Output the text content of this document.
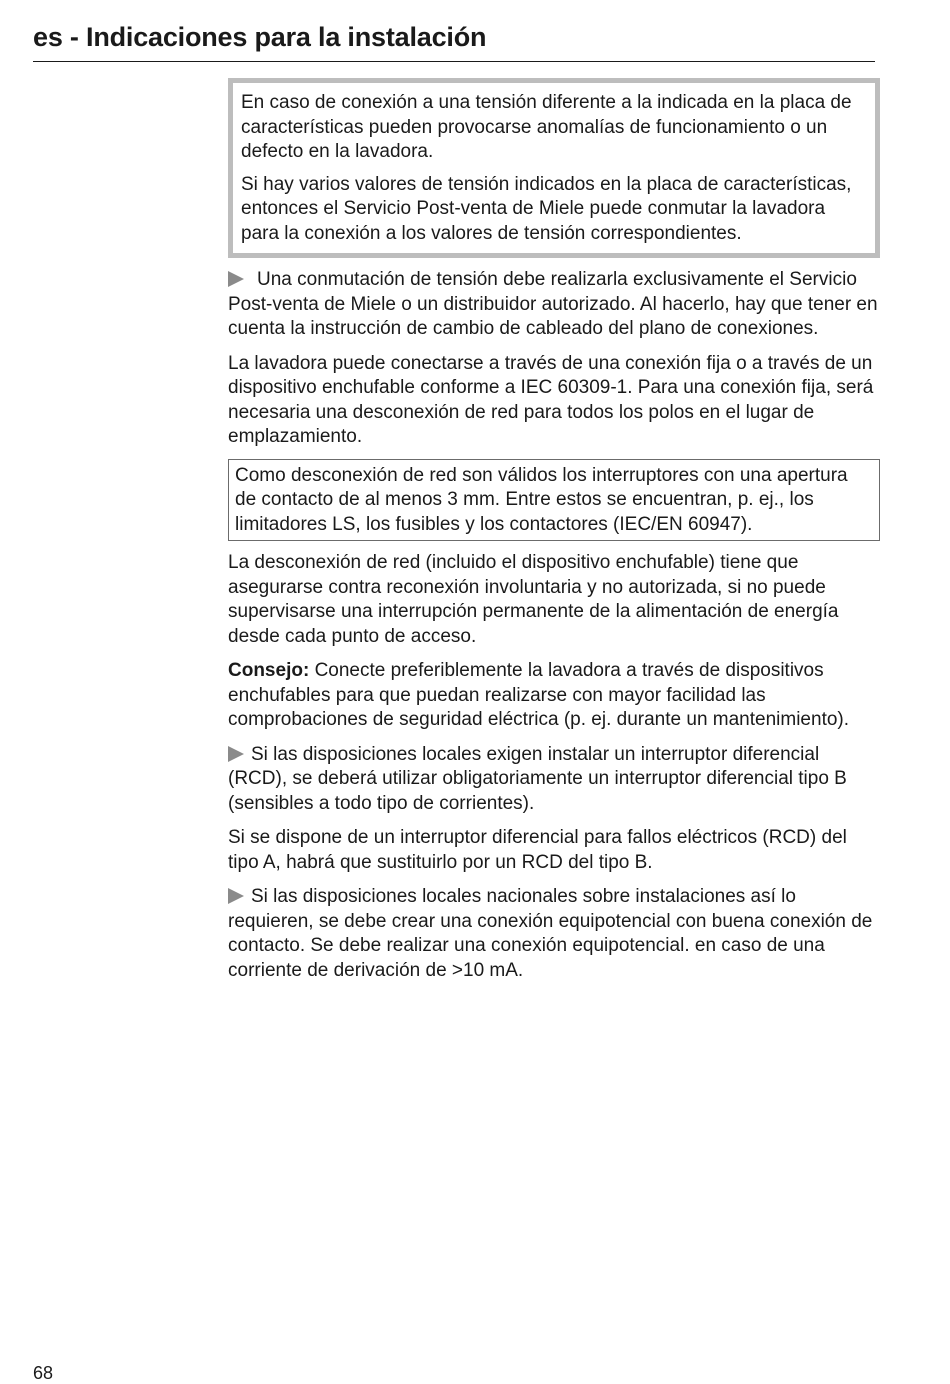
es - Indicaciones para la instalación

En caso de conexión a una tensión diferente a la indicada en la placa de características pueden provocarse anomalías de funcionamiento o un defecto en la lavadora.

Si hay varios valores de tensión indicados en la placa de características, entonces el Servicio Post-venta de Miele puede conmutar la lavadora para la conexión a los valores de tensión correspondientes.

Una conmutación de tensión debe realizarla exclusivamente el Servicio Post-venta de Miele o un distribuidor autorizado. Al hacerlo, hay que tener en cuenta la instrucción de cambio de cableado del plano de conexiones.

La lavadora puede conectarse a través de una conexión fija o a través de un dispositivo enchufable conforme a IEC 60309-1. Para una conexión fija, será necesaria una desconexión de red para todos los polos en el lugar de emplazamiento.

Como desconexión de red son válidos los interruptores con una apertura de contacto de al menos 3 mm. Entre estos se encuentran, p. ej., los limitadores LS, los fusibles y los contactores (IEC/EN 60947).

La desconexión de red (incluido el dispositivo enchufable) tiene que asegurarse contra reconexión involuntaria y no autorizada, si no puede supervisarse una interrupción permanente de la alimentación de energía desde cada punto de acceso.

Consejo: Conecte preferiblemente la lavadora a través de dispositivos enchufables para que puedan realizarse con mayor facilidad las comprobaciones de seguridad eléctrica (p. ej. durante un mantenimiento).

Si las disposiciones locales exigen instalar un interruptor diferencial (RCD), se deberá utilizar obligatoriamente un interruptor diferencial tipo B (sensibles a todo tipo de corrientes).

Si se dispone de un interruptor diferencial para fallos eléctricos (RCD) del tipo A, habrá que sustituirlo por un RCD del tipo B.

Si las disposiciones locales nacionales sobre instalaciones así lo requieren, se debe crear una conexión equipotencial con buena conexión de contacto. Se debe realizar una conexión equipotencial. en caso de una corriente de derivación de >10 mA.

68
